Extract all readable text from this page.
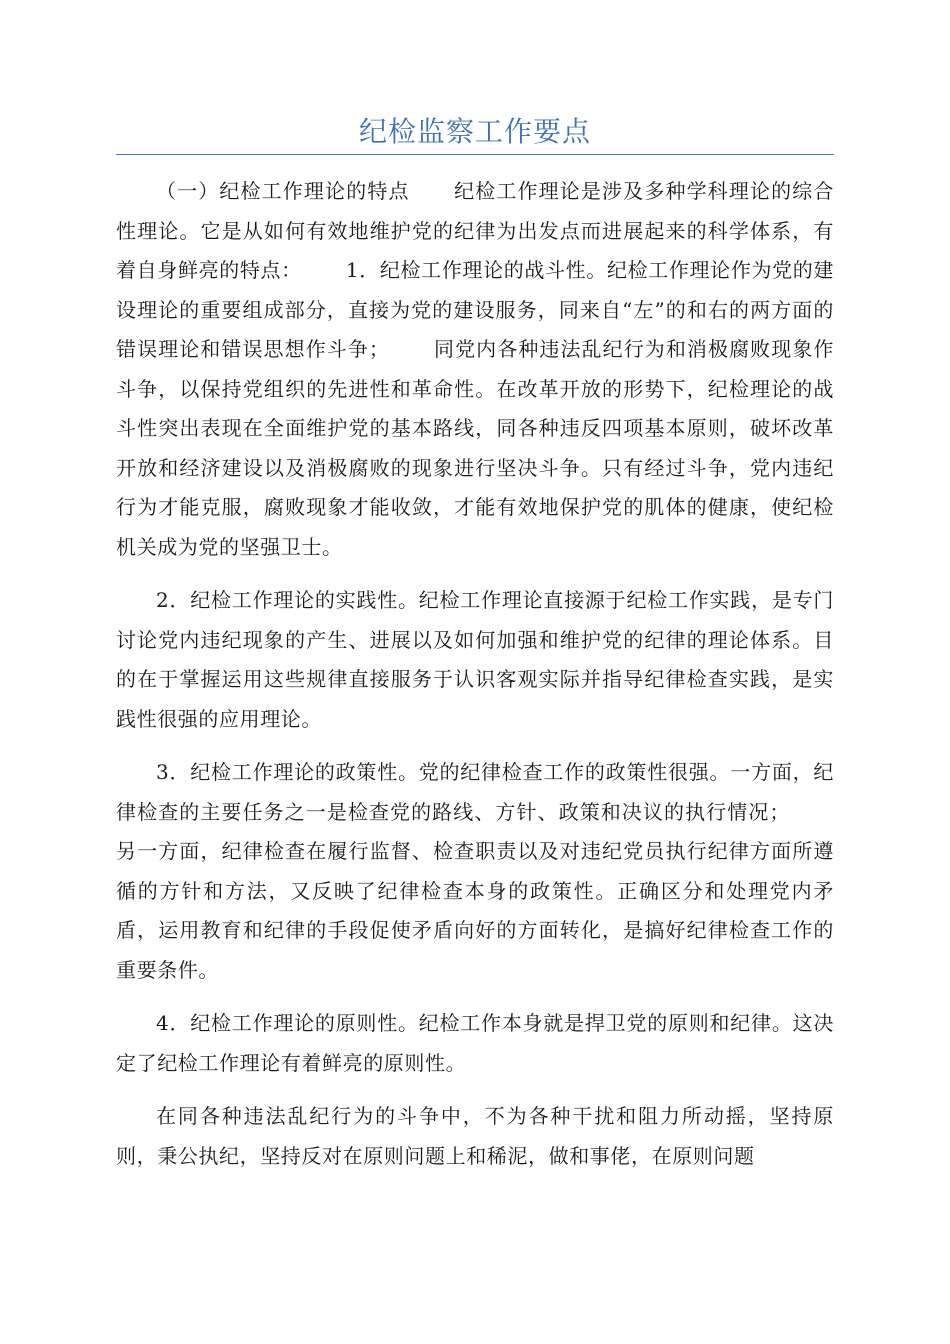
纪检监察工作要点

（一）纪检工作理论的特点 纪检工作理论是涉及多种学科理论的综合性理论。它是从如何有效地维护党的纪律为出发点而进展起来的科学体系，有着自身鲜亮的特点： 1．纪检工作理论的战斗性。纪检工作理论作为党的建设理论的重要组成部分，直接为党的建设服务，同来自“左”的和右的两方面的错误理论和错误思想作斗争； 同党内各种违法乱纪行为和消极腐败现象作斗争，以保持党组织的先进性和革命性。在改革开放的形势下，纪检理论的战斗性突出表现在全面维护党的基本路线，同各种违反四项基本原则，破坏改革开放和经济建设以及消极腐败的现象进行坚决斗争。只有经过斗争，党内违纪行为才能克服，腐败现象才能收敛，才能有效地保护党的肌体的健康，使纪检机关成为党的坚强卫士。

2．纪检工作理论的实践性。纪检工作理论直接源于纪检工作实践，是专门讨论党内违纪现象的产生、进展以及如何加强和维护党的纪律的理论体系。目的在于掌握运用这些规律直接服务于认识客观实际并指导纪律检查实践，是实践性很强的应用理论。

3．纪检工作理论的政策性。党的纪律检查工作的政策性很强。一方面，纪律检查的主要任务之一是检查党的路线、方针、政策和决议的执行情况；另一方面，纪律检查在履行监督、检查职责以及对违纪党员执行纪律方面所遵循的方针和方法，又反映了纪律检查本身的政策性。正确区分和处理党内矛盾，运用教育和纪律的手段促使矛盾向好的方面转化，是搞好纪律检查工作的重要条件。

4．纪检工作理论的原则性。纪检工作本身就是捍卫党的原则和纪律。这决定了纪检工作理论有着鲜亮的原则性。

在同各种违法乱纪行为的斗争中，不为各种干扰和阻力所动摇，坚持原则，秉公执纪，坚持反对在原则问题上和稀泥，做和事佬，在原则问题
